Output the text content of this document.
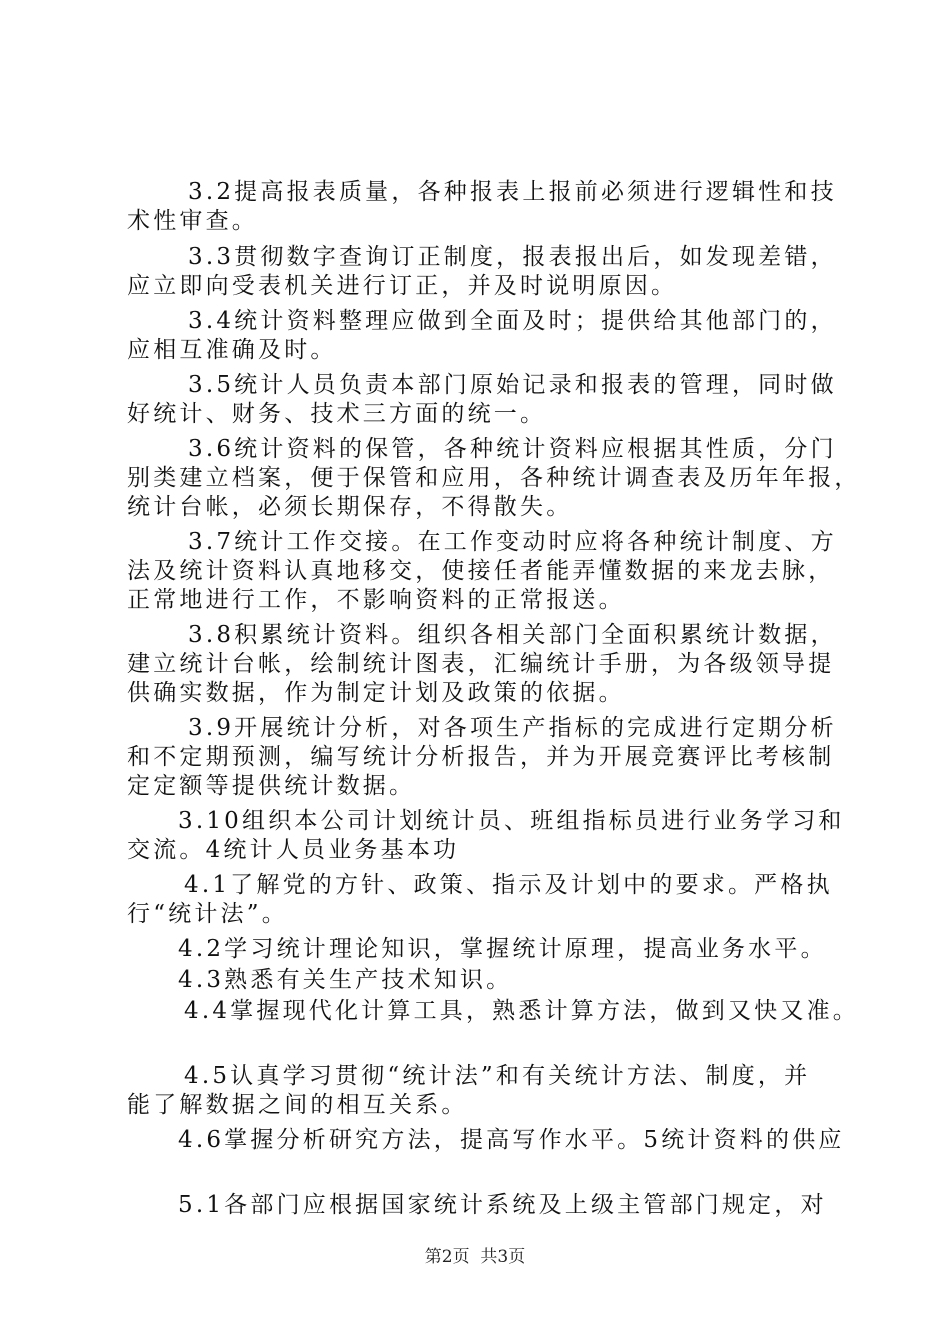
3.2提高报表质量，各种报表上报前必须进行逻辑性和技
术性审查。
3.3贯彻数字查询订正制度，报表报出后，如发现差错，
应立即向受表机关进行订正，并及时说明原因。
3.4统计资料整理应做到全面及时；提供给其他部门的，
应相互准确及时。
3.5统计人员负责本部门原始记录和报表的管理，同时做
好统计、财务、技术三方面的统一。
3.6统计资料的保管，各种统计资料应根据其性质，分门
别类建立档案，便于保管和应用，各种统计调查表及历年年报，
统计台帐，必须长期保存，不得散失。
3.7统计工作交接。在工作变动时应将各种统计制度、方
法及统计资料认真地移交，使接任者能弄懂数据的来龙去脉，
正常地进行工作，不影响资料的正常报送。
3.8积累统计资料。组织各相关部门全面积累统计数据，
建立统计台帐，绘制统计图表，汇编统计手册，为各级领导提
供确实数据，作为制定计划及政策的依据。
3.9开展统计分析，对各项生产指标的完成进行定期分析
和不定期预测，编写统计分析报告，并为开展竞赛评比考核制
定定额等提供统计数据。
3.10组织本公司计划统计员、班组指标员进行业务学习和
交流。4统计人员业务基本功
4.1了解党的方针、政策、指示及计划中的要求。严格执
行“统计法”。
4.2学习统计理论知识，掌握统计原理，提高业务水平。
4.3熟悉有关生产技术知识。
4.4掌握现代化计算工具，熟悉计算方法，做到又快又准。
4.5认真学习贯彻“统计法”和有关统计方法、制度，并
能了解数据之间的相互关系。
4.6掌握分析研究方法，提高写作水平。5统计资料的供应
5.1各部门应根据国家统计系统及上级主管部门规定，对
第2页  共3页
